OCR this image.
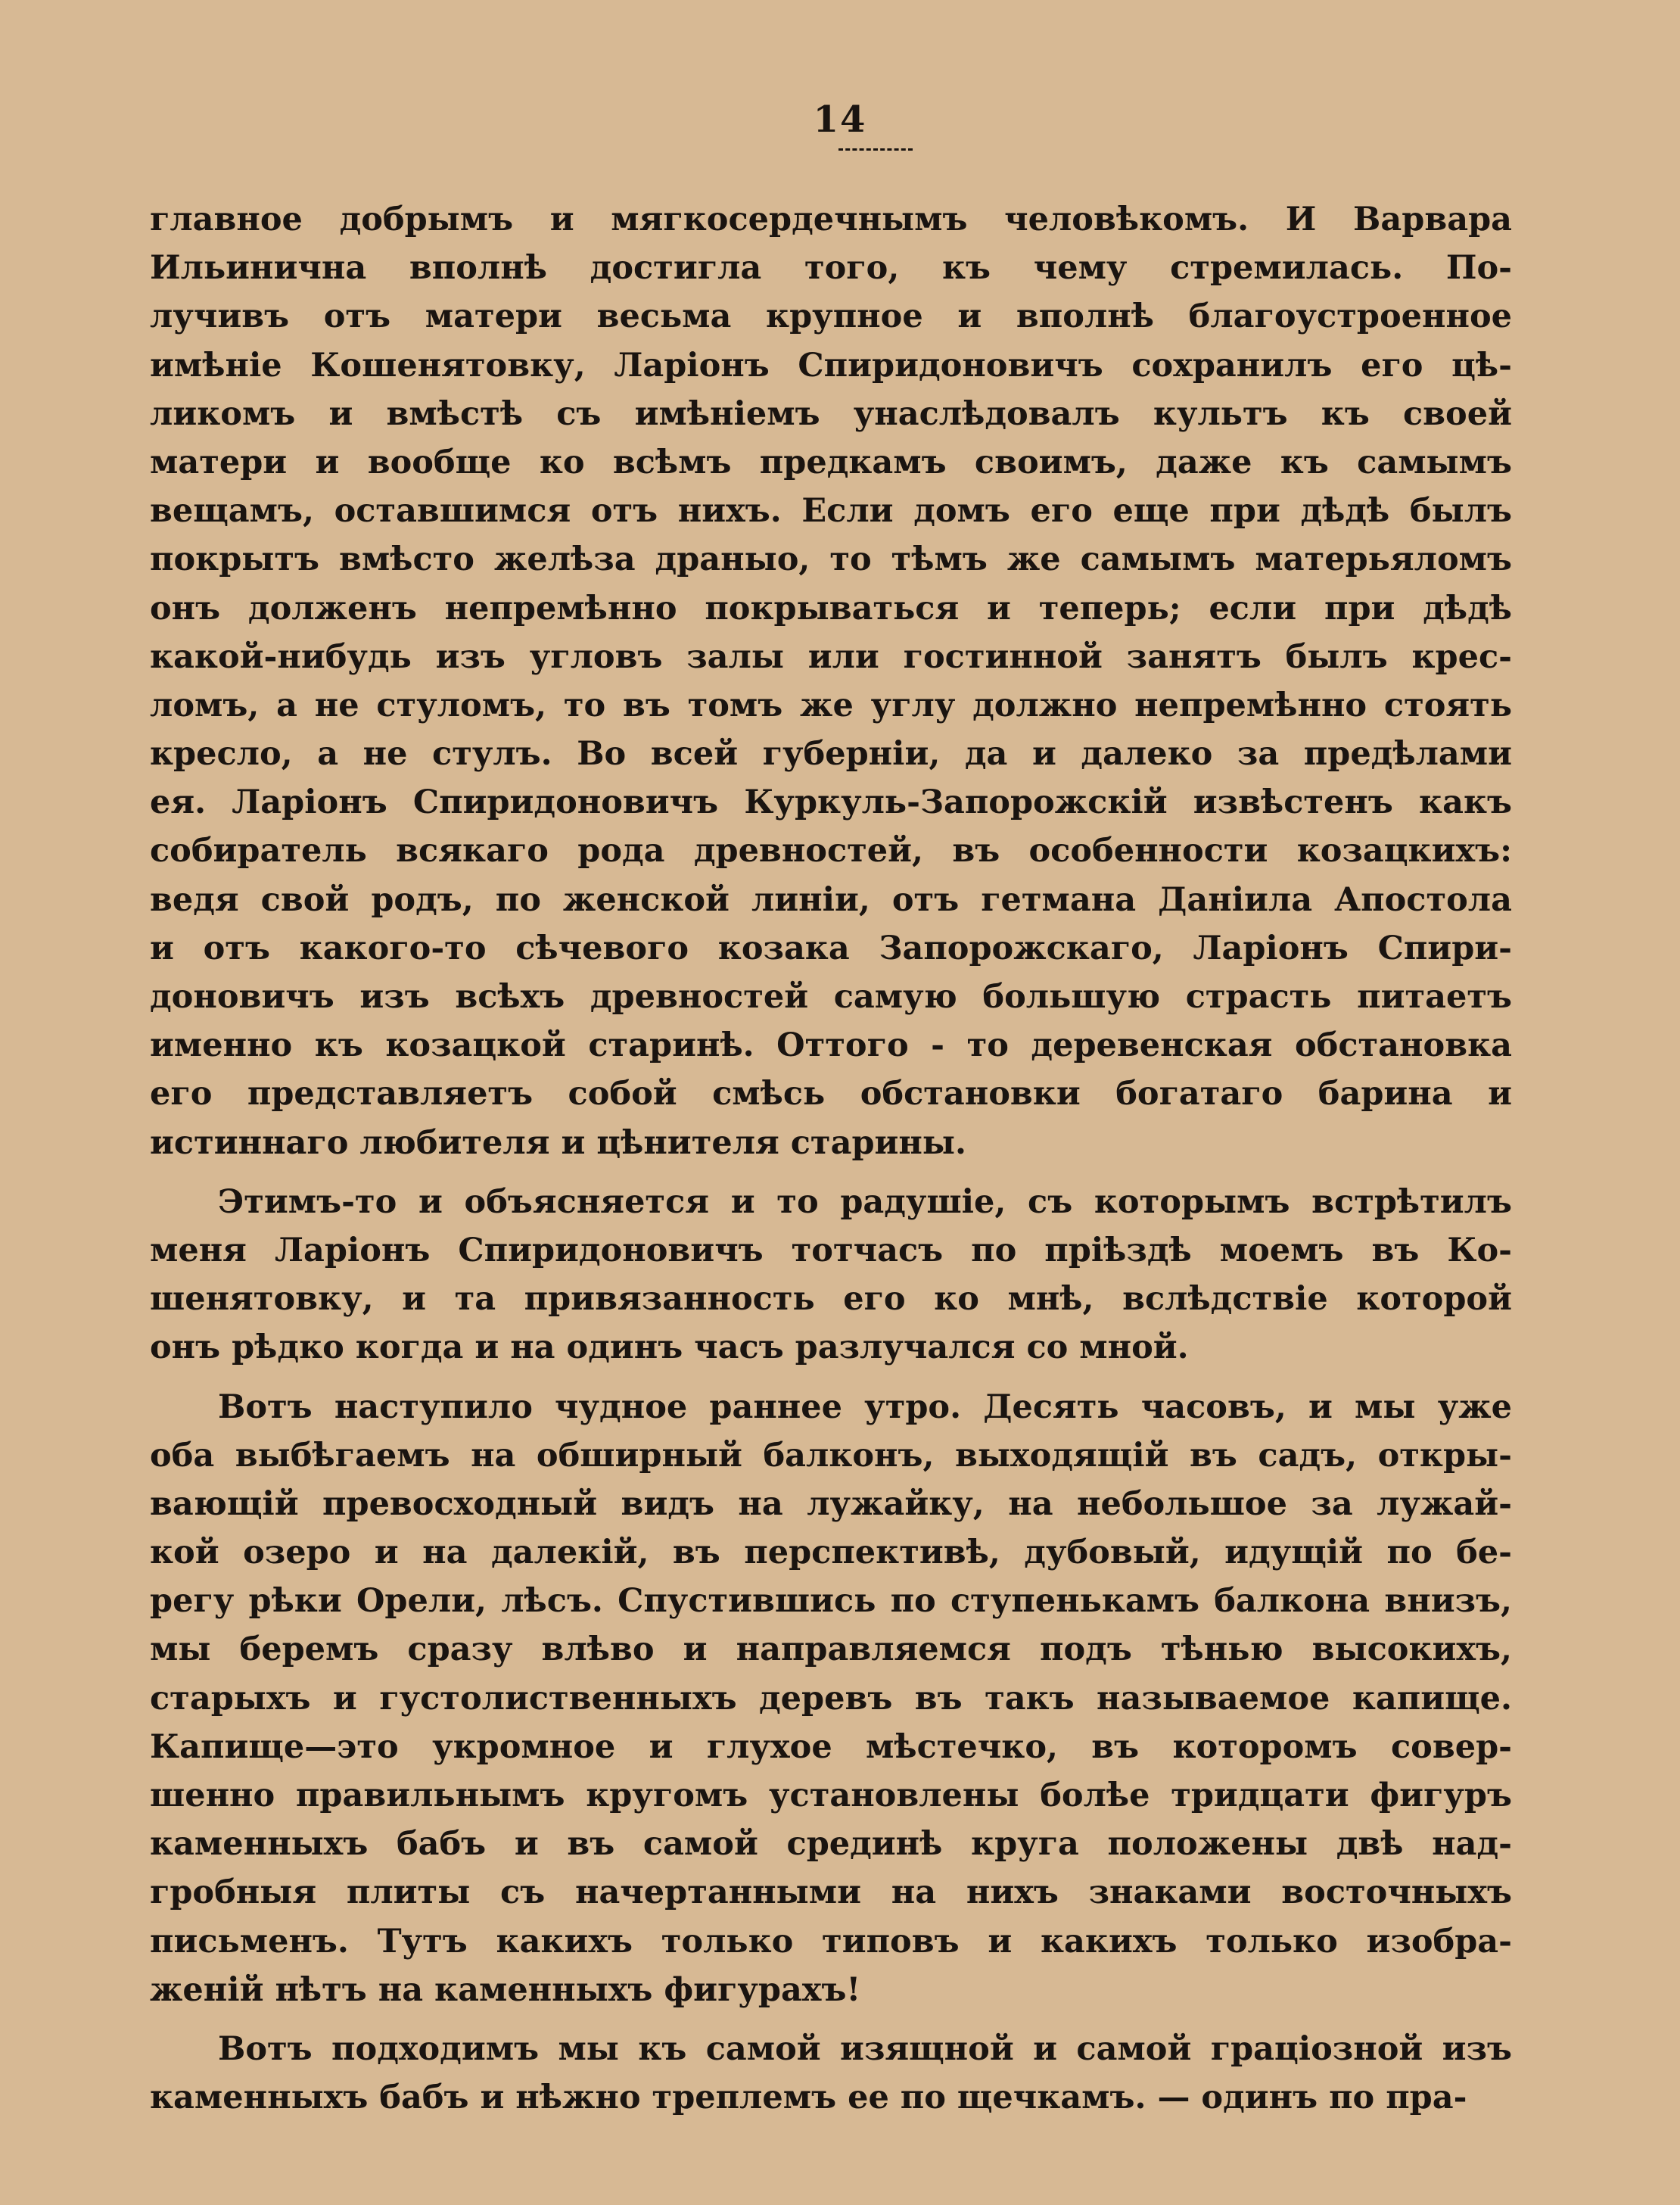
14
главное добрымъ и мягкосердечнымъ человѣкомъ. И Варвара
Ильинична вполнѣ достигла того, къ чему стремилась. По-
лучивъ отъ матери весьма крупное и вполнѣ благоустроенное
имѣніе Кошенятовку, Ларіонъ Спиридоновичъ сохранилъ его цѣ-
ликомъ и вмѣстѣ съ имѣніемъ унаслѣдовалъ культъ къ своей
матери и вообще ко всѣмъ предкамъ своимъ, даже къ самымъ
вещамъ, оставшимся отъ нихъ. Если домъ его еще при дѣдѣ былъ
покрытъ вмѣсто желѣза драныо, то тѣмъ же самымъ матерьяломъ
онъ долженъ непремѣнно покрываться и теперь; если при дѣдѣ
какой-нибудь изъ угловъ залы или гостинной занятъ былъ крес-
ломъ, а не стуломъ, то въ томъ же углу должно непремѣнно стоять
кресло, а не стулъ. Во всей губерніи, да и далеко за предѣлами
ея. Ларіонъ Спиридоновичъ Куркуль-Запорожскій извѣстенъ какъ
собиратель всякаго рода древностей, въ особенности козацкихъ:
ведя свой родъ, по женской линіи, отъ гетмана Даніила Апостола
и отъ какого-то сѣчевого козака Запорожскаго, Ларіонъ Спири-
доновичъ изъ всѣхъ древностей самую большую страсть питаетъ
именно къ козацкой старинѣ. Оттого - то деревенская обстановка
его представляетъ собой смѣсь обстановки богатаго барина и
истиннаго любителя и цѣнителя старины.
Этимъ-то и объясняется и то радушіе, съ которымъ встрѣтилъ
меня Ларіонъ Спиридоновичъ тотчасъ по пріѣздѣ моемъ въ Ко-
шенятовку, и та привязанность его ко мнѣ, вслѣдствіе которой
онъ рѣдко когда и на одинъ часъ разлучался со мной.
Вотъ наступило чудное раннее утро. Десять часовъ, и мы уже
оба выбѣгаемъ на обширный балконъ, выходящій въ садъ, откры-
вающій превосходный видъ на лужайку, на небольшое за лужай-
кой озеро и на далекій, въ перспективѣ, дубовый, идущій по бе-
регу рѣки Орели, лѣсъ. Спустившись по ступенькамъ балкона внизъ,
мы беремъ сразу влѣво и направляемся подъ тѣнью высокихъ,
старыхъ и густолиственныхъ деревъ въ такъ называемое капище.
Капище—это укромное и глухое мѣстечко, въ которомъ совер-
шенно правильнымъ кругомъ установлены болѣе тридцати фигуръ
каменныхъ бабъ и въ самой срединѣ круга положены двѣ над-
гробныя плиты съ начертанными на нихъ знаками восточныхъ
письменъ. Тутъ какихъ только типовъ и какихъ только изобра-
женій нѣтъ на каменныхъ фигурахъ!
Вотъ подходимъ мы къ самой изящной и самой граціозной изъ
каменныхъ бабъ и нѣжно треплемъ ее по щечкамъ. — одинъ по пра-
